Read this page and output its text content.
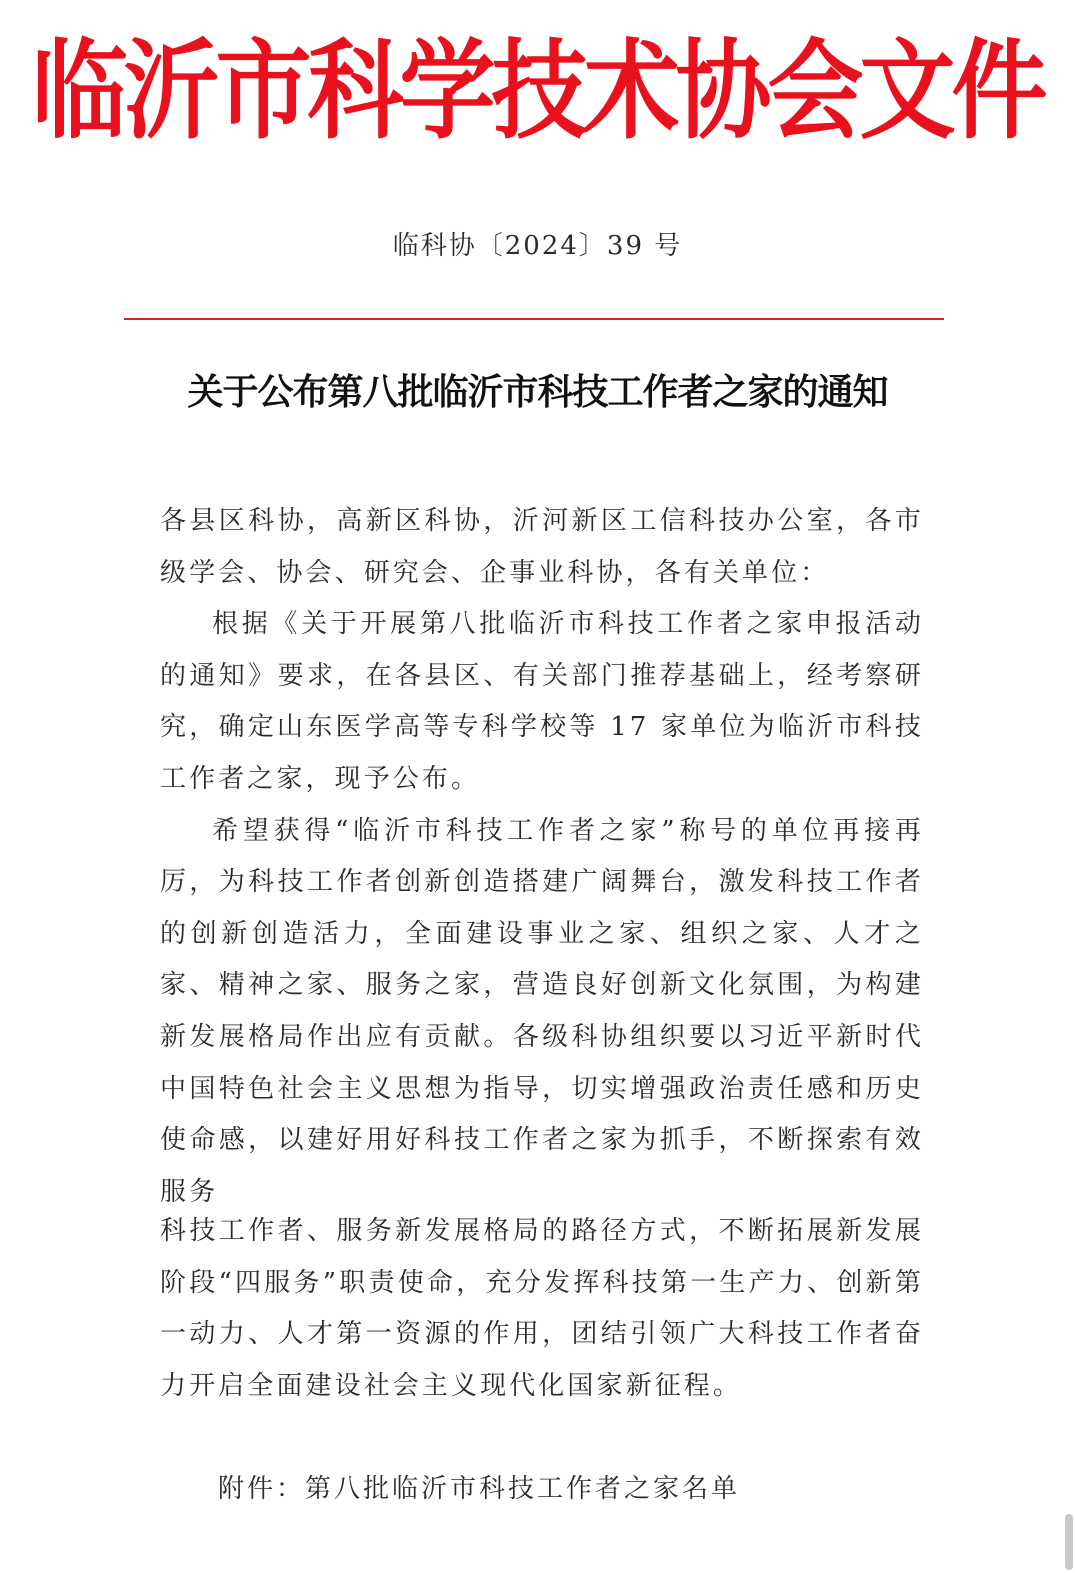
临沂市科学技术协会文件
临科协〔2024〕39 号
关于公布第八批临沂市科技工作者之家的通知

各县区科协，高新区科协，沂河新区工信科技办公室，各市级学会、协会、研究会、企事业科协，各有关单位：

根据《关于开展第八批临沂市科技工作者之家申报活动的通知》要求，在各县区、有关部门推荐基础上，经考察研究，确定山东医学高等专科学校等 17 家单位为临沂市科技工作者之家，现予公布。

希望获得“临沂市科技工作者之家”称号的单位再接再厉，为科技工作者创新创造搭建广阔舞台，激发科技工作者的创新创造活力，全面建设事业之家、组织之家、人才之家、精神之家、服务之家，营造良好创新文化氛围，为构建新发展格局作出应有贡献。各级科协组织要以习近平新时代中国特色社会主义思想为指导，切实增强政治责任感和历史使命感，以建好用好科技工作者之家为抓手，不断探索有效服务

科技工作者、服务新发展格局的路径方式，不断拓展新发展阶段“四服务”职责使命，充分发挥科技第一生产力、创新第一动力、人才第一资源的作用，团结引领广大科技工作者奋力开启全面建设社会主义现代化国家新征程。

附件：第八批临沂市科技工作者之家名单
